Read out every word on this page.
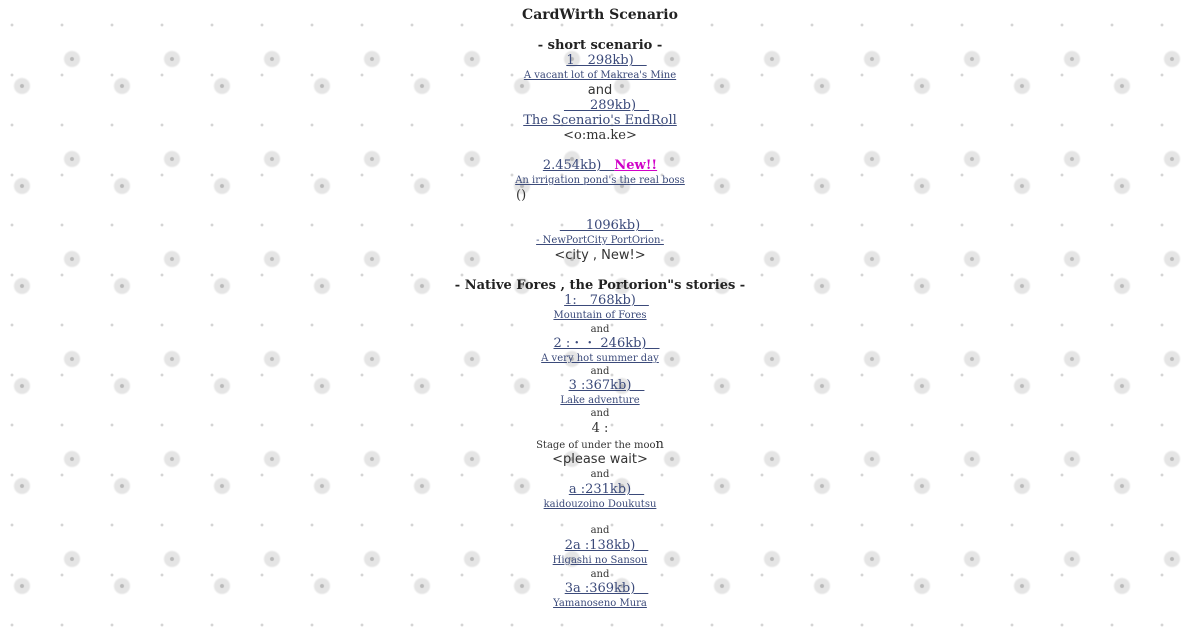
CardWirth Scenario
- short scenario -
1　298kb)　
A vacant lot of Makrea's Mine
and
　　289kb)　
The Scenario's EndRoll
<o:ma.ke>
2.454kb)　New!!
An irrigation pond's the real boss
()
　　1096kb)　
- NewPortCity PortOrion-
<city , New!>
- Native Fores , the Portorion"s stories -
1:　768kb)　
Mountain of Fores
and
2 :・・ 246kb)　
A very hot summer day
and
3 :367kb)　
Lake adventure
and
4 :
Stage of under the moon
<please wait>
and
a :231kb)　
kaidouzoino Doukutsu
and
2a :138kb)　
Higashi no Sansou
and
3a :369kb)　
Yamanoseno Mura
